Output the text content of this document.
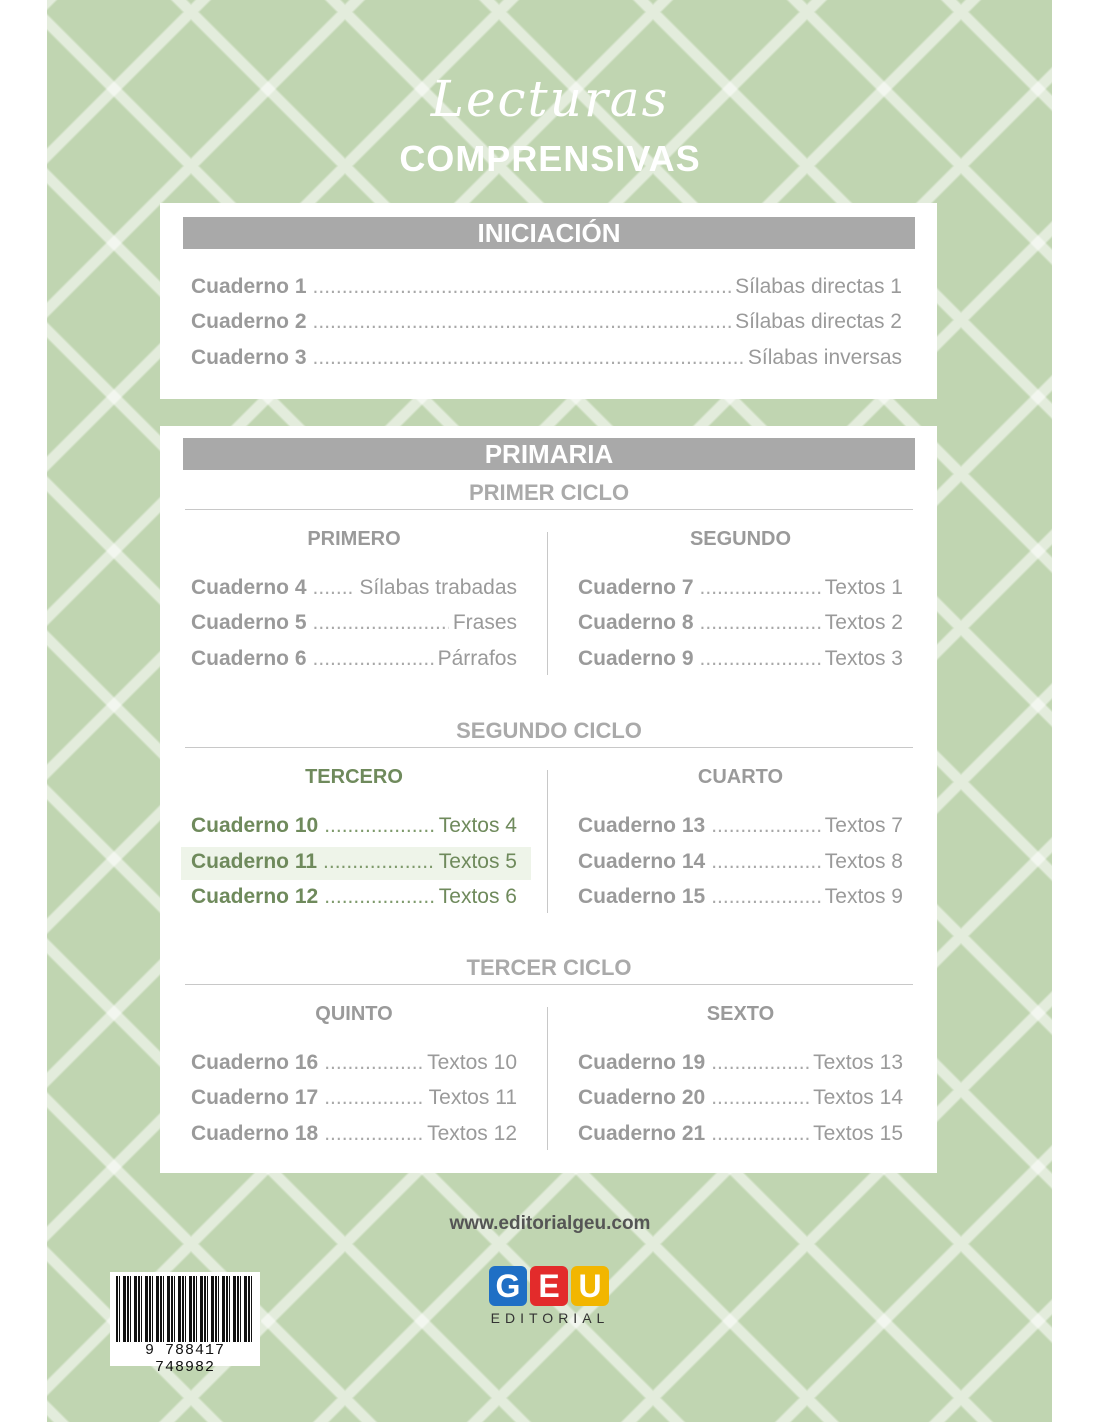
Lecturas
COMPRENSIVAS
INICIACIÓN
Cuaderno 1 .....	Sílabas directas 1
Cuaderno 2 .....	Sílabas directas 2
Cuaderno 3 .....	Sílabas inversas
PRIMARIA
PRIMER CICLO
PRIMERO	SEGUNDO
Cuaderno 4 .....	Sílabas trabadas
Cuaderno 5 .....	Frases
Cuaderno 6 .....	Párrafos
Cuaderno 7 .....	Textos 1
Cuaderno 8 .....	Textos 2
Cuaderno 9 .....	Textos 3
SEGUNDO CICLO
TERCERO	CUARTO
Cuaderno 10 .....	Textos 4
Cuaderno 11 .....	Textos 5
Cuaderno 12 .....	Textos 6
Cuaderno 13 .....	Textos 7
Cuaderno 14 .....	Textos 8
Cuaderno 15 .....	Textos 9
TERCER CICLO
QUINTO	SEXTO
Cuaderno 16 .....	Textos 10
Cuaderno 17 .....	Textos 11
Cuaderno 18 .....	Textos 12
Cuaderno 19 .....	Textos 13
Cuaderno 20 .....	Textos 14
Cuaderno 21 .....	Textos 15
www.editorialgeu.com
G E U
EDITORIAL
9 788417 748982
